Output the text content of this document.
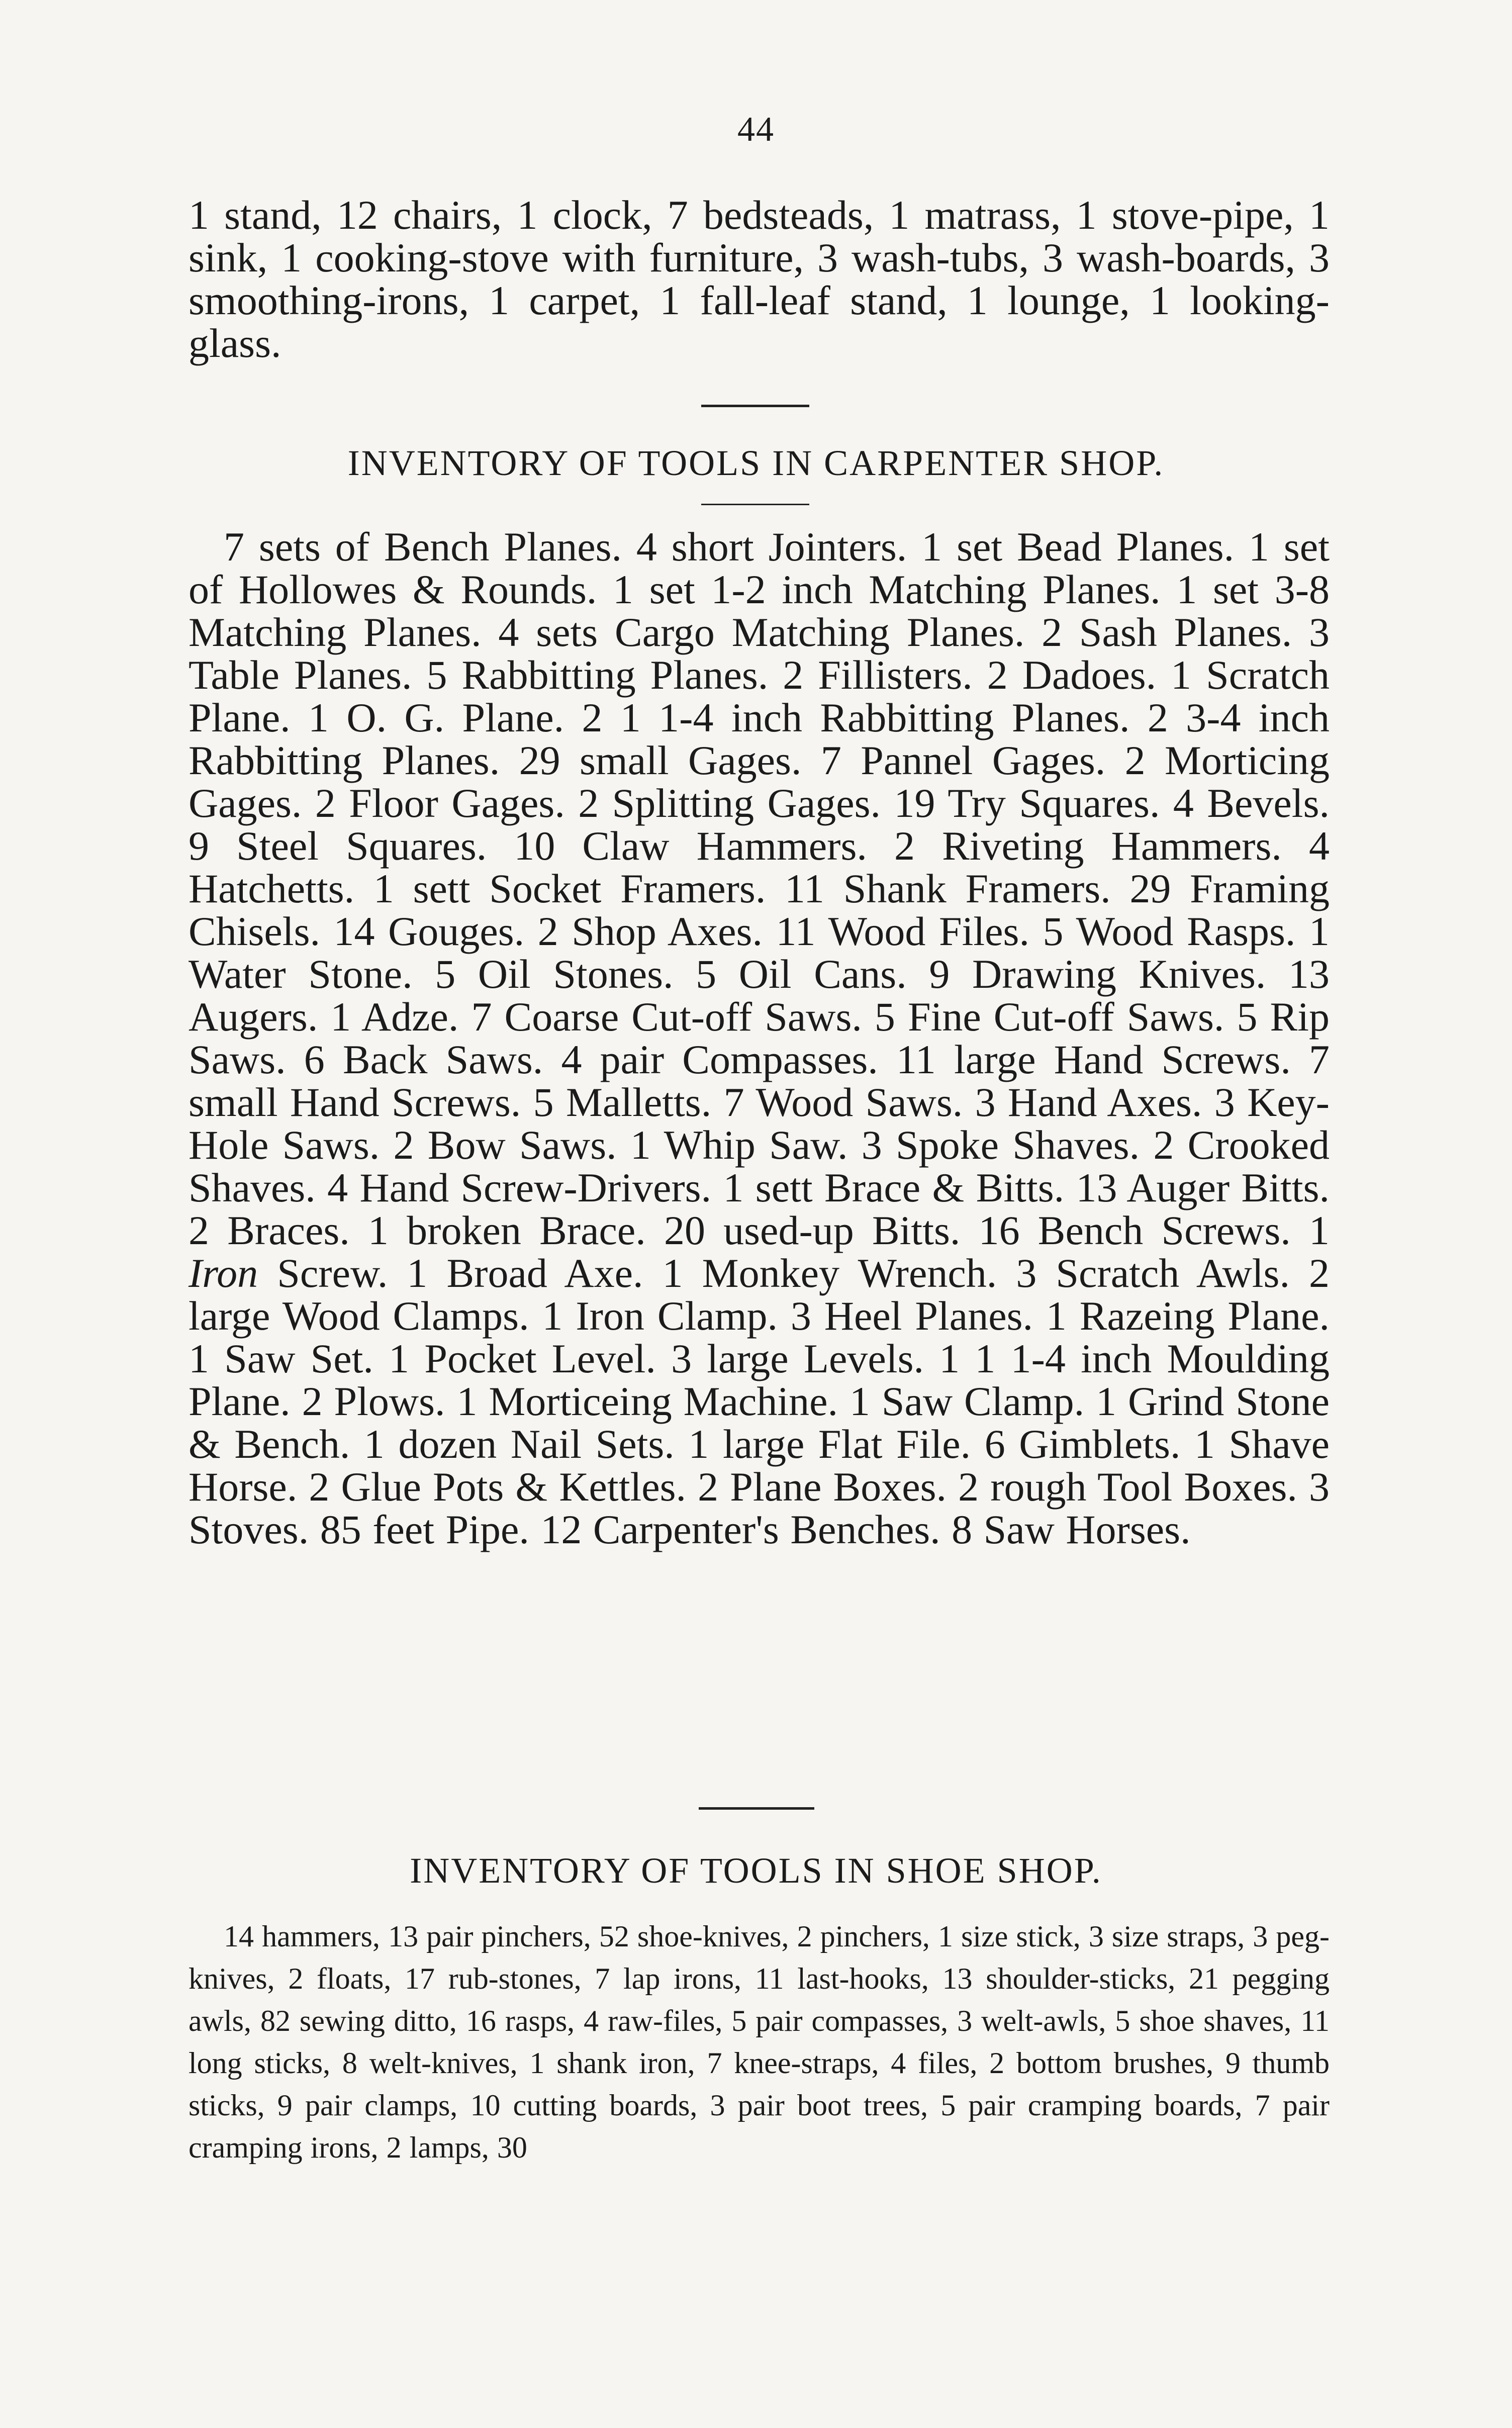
44

1 stand, 12 chairs, 1 clock, 7 bedsteads, 1 matrass, 1 stove-pipe, 1 sink, 1 cooking-stove with furniture, 3 wash-tubs, 3 wash-boards, 3 smoothing-irons, 1 carpet, 1 fall-leaf stand, 1 lounge, 1 looking-glass.

INVENTORY OF TOOLS IN CARPENTER SHOP.

7 sets of Bench Planes. 4 short Jointers. 1 set Bead Planes. 1 set of Hollowes & Rounds. 1 set 1-2 inch Matching Planes. 1 set 3-8 Matching Planes. 4 sets Cargo Matching Planes. 2 Sash Planes. 3 Table Planes. 5 Rabbitting Planes. 2 Fillisters. 2 Dadoes. 1 Scratch Plane. 1 O. G. Plane. 2 1 1-4 inch Rabbitting Planes. 2 3-4 inch Rabbitting Planes. 29 small Gages. 7 Pannel Gages. 2 Morticing Gages. 2 Floor Gages. 2 Splitting Gages. 19 Try Squares. 4 Bevels. 9 Steel Squares. 10 Claw Hammers. 2 Riveting Hammers. 4 Hatchetts. 1 sett Socket Framers. 11 Shank Framers. 29 Framing Chisels. 14 Gouges. 2 Shop Axes. 11 Wood Files. 5 Wood Rasps. 1 Water Stone. 5 Oil Stones. 5 Oil Cans. 9 Drawing Knives. 13 Augers. 1 Adze. 7 Coarse Cut-off Saws. 5 Fine Cut-off Saws. 5 Rip Saws. 6 Back Saws. 4 pair Compasses. 11 large Hand Screws. 7 small Hand Screws. 5 Malletts. 7 Wood Saws. 3 Hand Axes. 3 Key-Hole Saws. 2 Bow Saws. 1 Whip Saw. 3 Spoke Shaves. 2 Crooked Shaves. 4 Hand Screw-Drivers. 1 sett Brace & Bitts. 13 Auger Bitts. 2 Braces. 1 broken Brace. 20 used-up Bitts. 16 Bench Screws. 1 Iron Screw. 1 Broad Axe. 1 Monkey Wrench. 3 Scratch Awls. 2 large Wood Clamps. 1 Iron Clamp. 3 Heel Planes. 1 Razeing Plane. 1 Saw Set. 1 Pocket Level. 3 large Levels. 1 1 1-4 inch Moulding Plane. 2 Plows. 1 Morticeing Machine. 1 Saw Clamp. 1 Grind Stone & Bench. 1 dozen Nail Sets. 1 large Flat File. 6 Gimblets. 1 Shave Horse. 2 Glue Pots & Kettles. 2 Plane Boxes. 2 rough Tool Boxes. 3 Stoves. 85 feet Pipe. 12 Carpenter's Benches. 8 Saw Horses.

INVENTORY OF TOOLS IN SHOE SHOP.

14 hammers, 13 pair pinchers, 52 shoe-knives, 2 pinchers, 1 size stick, 3 size straps, 3 peg-knives, 2 floats, 17 rub-stones, 7 lap irons, 11 last-hooks, 13 shoulder-sticks, 21 pegging awls, 82 sewing ditto, 16 rasps, 4 raw-files, 5 pair compasses, 3 welt-awls, 5 shoe shaves, 11 long sticks, 8 welt-knives, 1 shank iron, 7 knee-straps, 4 files, 2 bottom brushes, 9 thumb sticks, 9 pair clamps, 10 cutting boards, 3 pair boot trees, 5 pair cramping boards, 7 pair cramping irons, 2 lamps, 30
